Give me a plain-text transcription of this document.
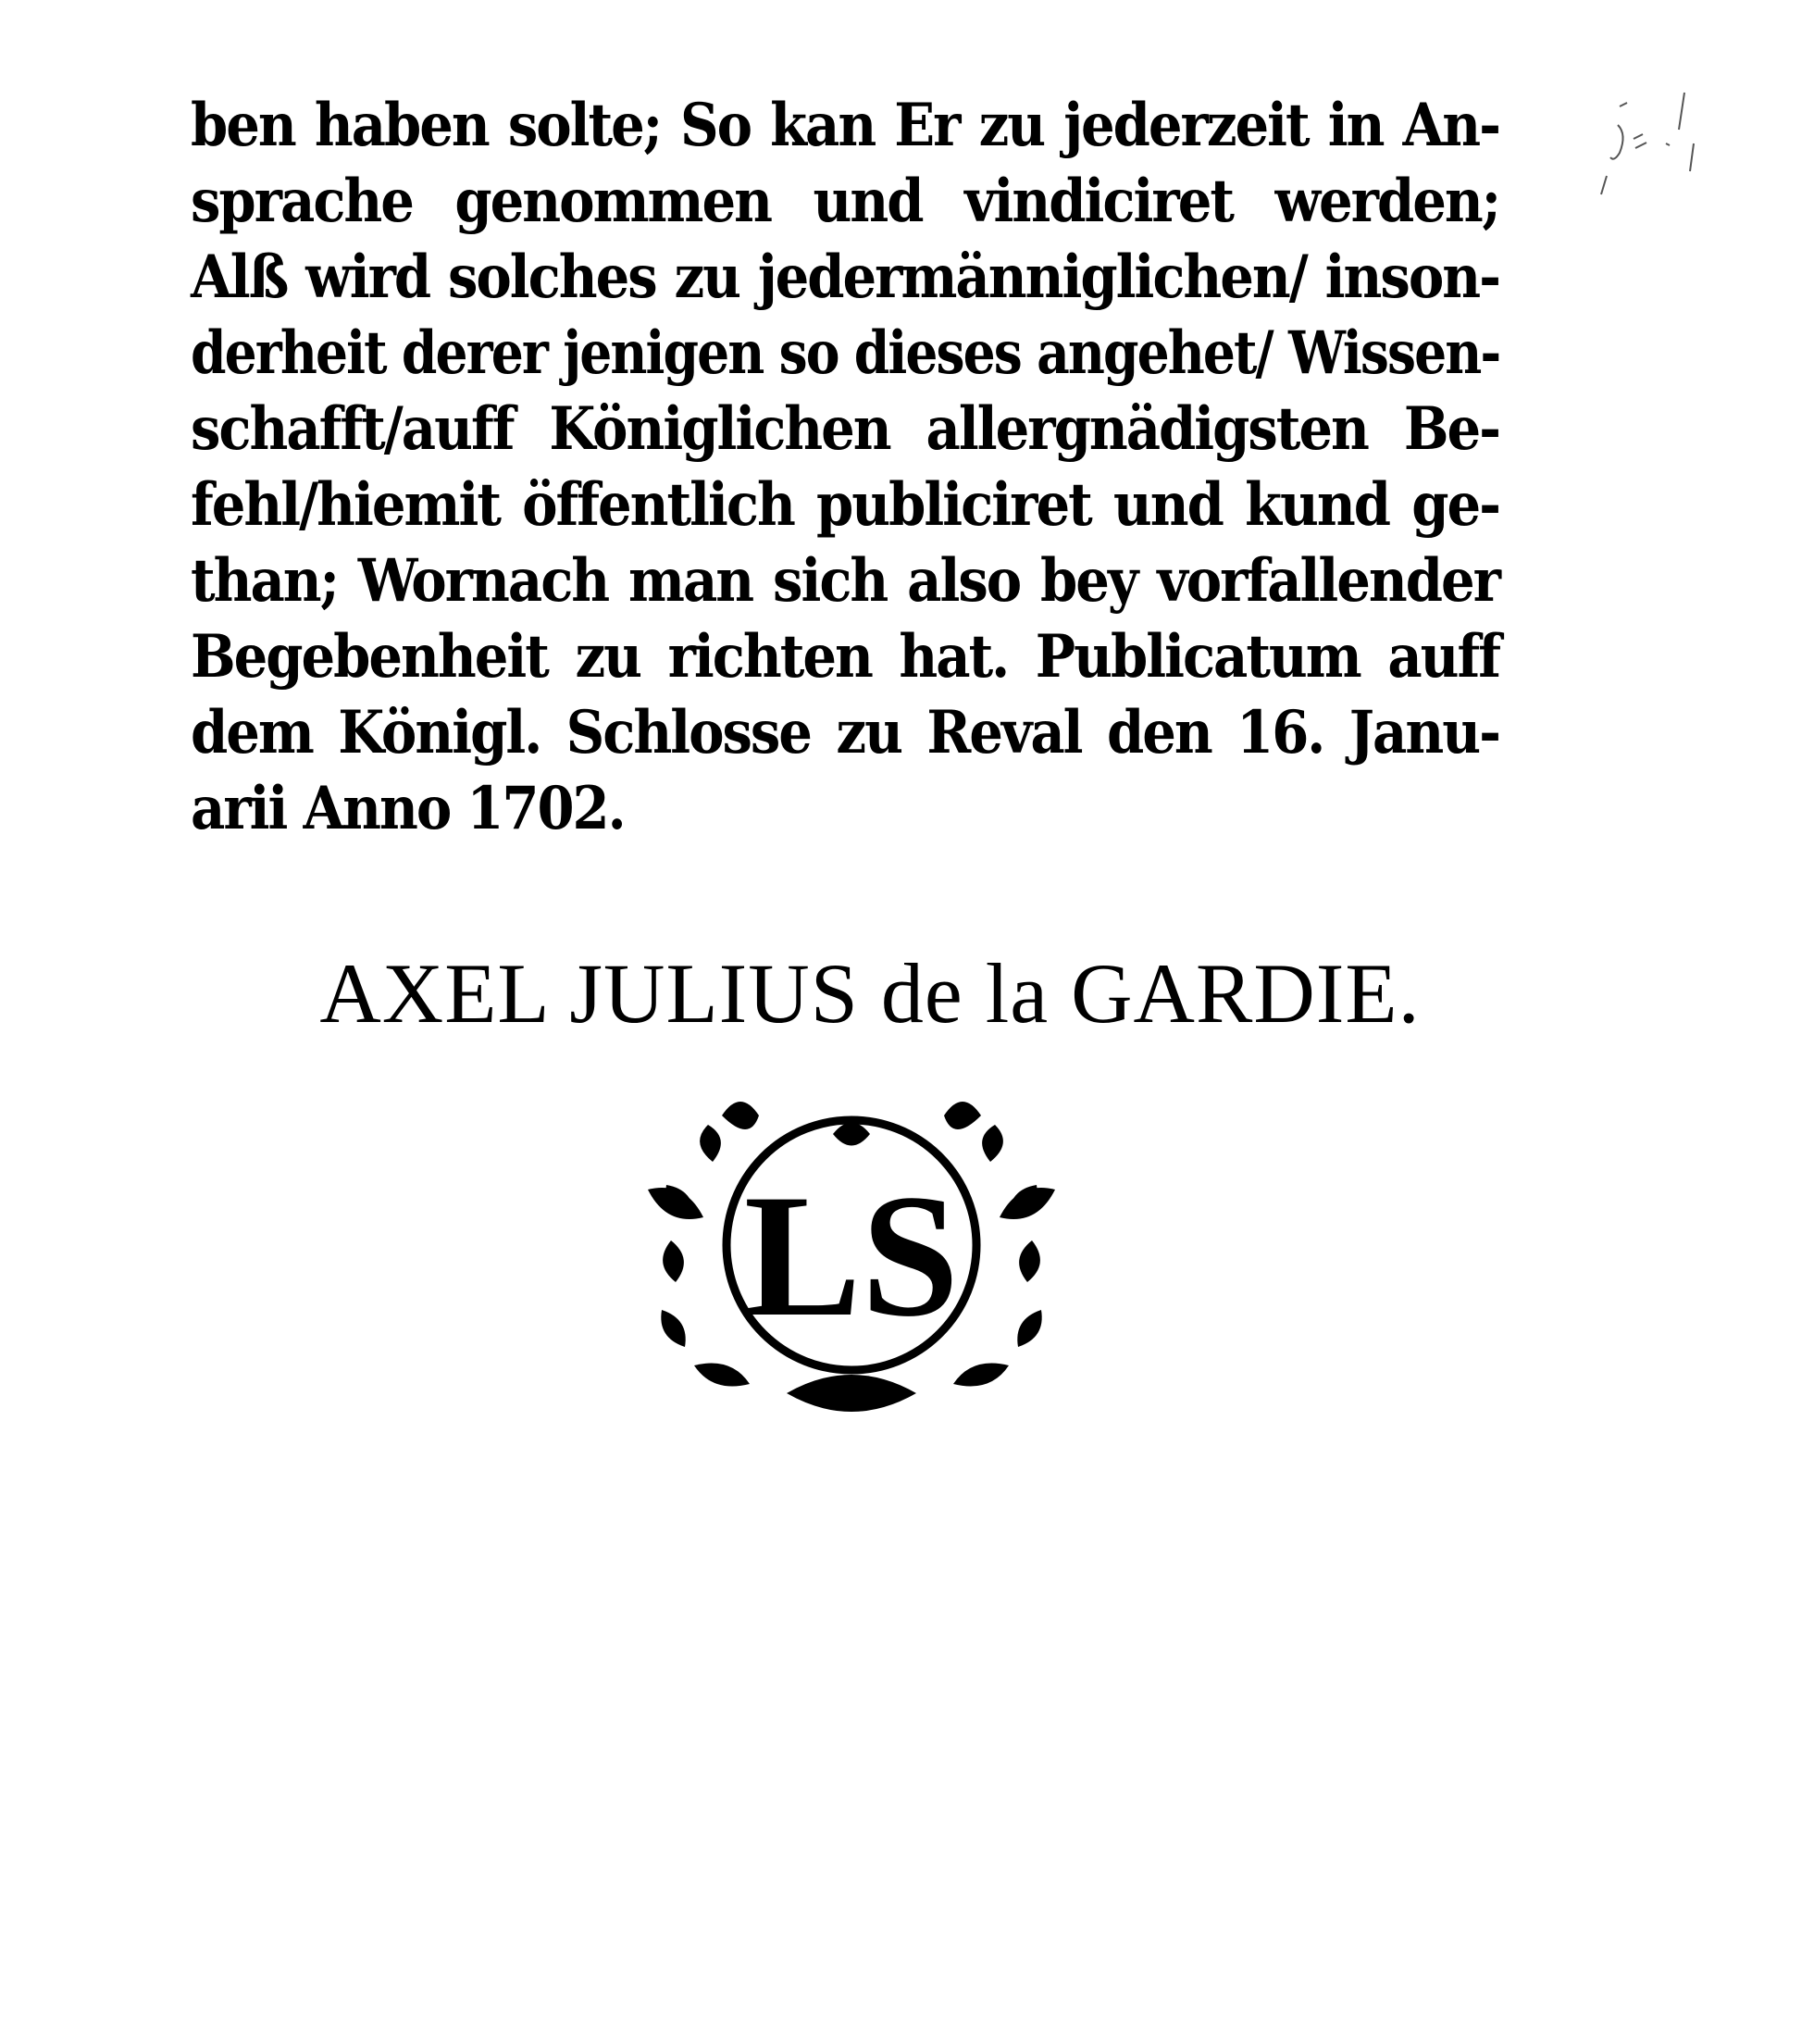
ben haben solte; So kan Er zu jederzeit in An-
sprache genommen und vindiciret werden;
Alß wird solches zu jedermänniglichen/ inson-
derheit derer jenigen so dieses angehet/ Wissen-
schafft/auff Königlichen allergnädigsten Be-
fehl/hiemit öffentlich publiciret und kund ge-
than; Wornach man sich also bey vorfallender
Begebenheit zu richten hat. Publicatum auff
dem Königl. Schlosse zu Reval den 16. Janu-
arii Anno 1702.
AXEL JULIUS de la GARDIE.
LS
